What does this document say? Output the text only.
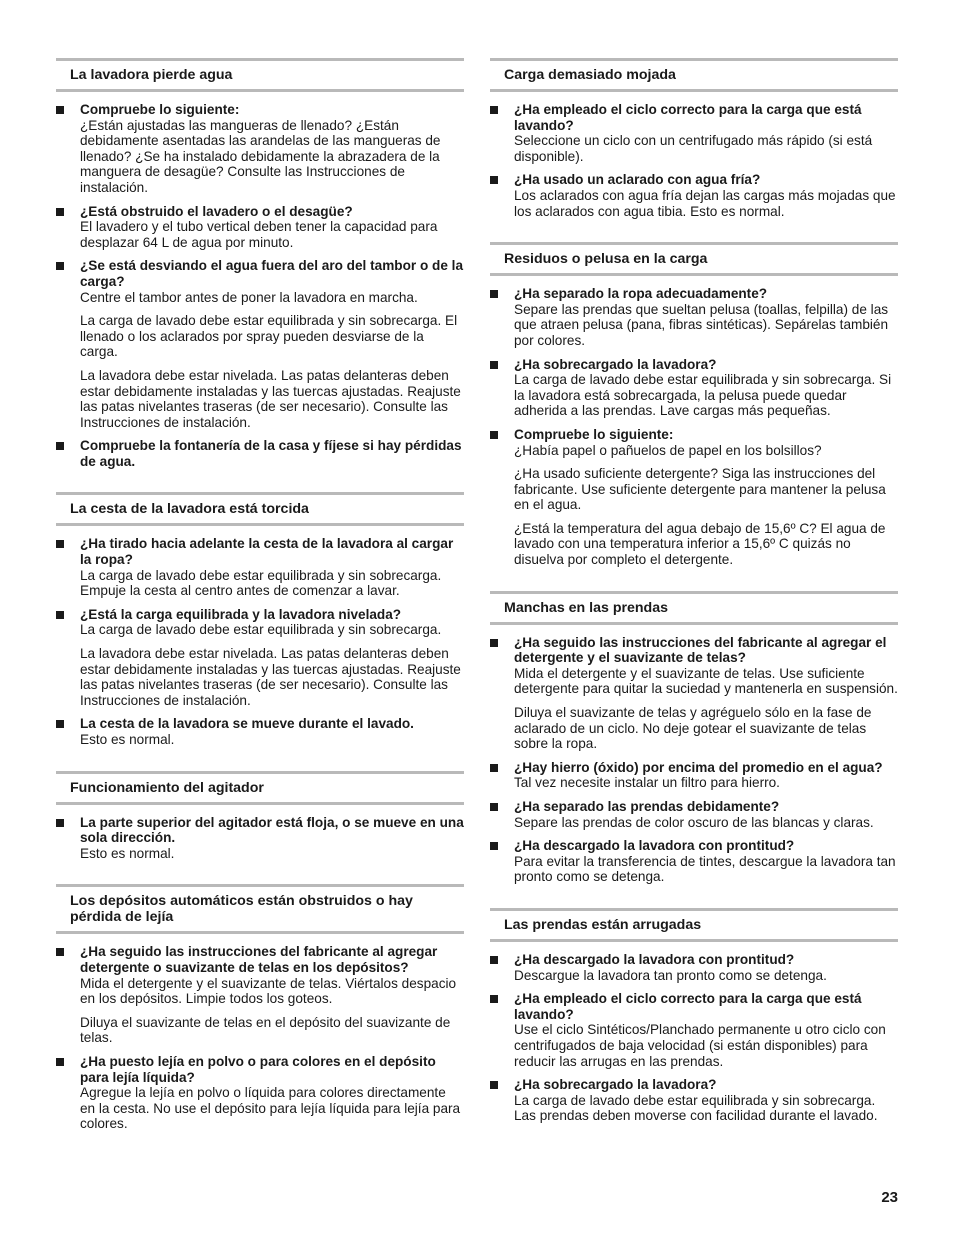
La lavadora pierde agua
Compruebe lo siguiente:
¿Están ajustadas las mangueras de llenado? ¿Están debidamente asentadas las arandelas de las mangueras de llenado? ¿Se ha instalado debidamente la abrazadera de la manguera de desagüe? Consulte las Instrucciones de instalación.
¿Está obstruido el lavadero o el desagüe?
El lavadero y el tubo vertical deben tener la capacidad para desplazar 64 L de agua por minuto.
¿Se está desviando el agua fuera del aro del tambor o de la carga?
Centre el tambor antes de poner la lavadora en marcha.
La carga de lavado debe estar equilibrada y sin sobrecarga. El llenado o los aclarados por spray pueden desviarse de la carga.
La lavadora debe estar nivelada. Las patas delanteras deben estar debidamente instaladas y las tuercas ajustadas. Reajuste las patas nivelantes traseras (de ser necesario). Consulte las Instrucciones de instalación.
Compruebe la fontanería de la casa y fíjese si hay pérdidas de agua.
La cesta de la lavadora está torcida
¿Ha tirado hacia adelante la cesta de la lavadora al cargar la ropa?
La carga de lavado debe estar equilibrada y sin sobrecarga. Empuje la cesta al centro antes de comenzar a lavar.
¿Está la carga equilibrada y la lavadora nivelada?
La carga de lavado debe estar equilibrada y sin sobrecarga.
La lavadora debe estar nivelada. Las patas delanteras deben estar debidamente instaladas y las tuercas ajustadas. Reajuste las patas nivelantes traseras (de ser necesario). Consulte las Instrucciones de instalación.
La cesta de la lavadora se mueve durante el lavado.
Esto es normal.
Funcionamiento del agitador
La parte superior del agitador está floja, o se mueve en una sola dirección.
Esto es normal.
Los depósitos automáticos están obstruidos o hay pérdida de lejía
¿Ha seguido las instrucciones del fabricante al agregar detergente o suavizante de telas en los depósitos?
Mida el detergente y el suavizante de telas. Viértalos despacio en los depósitos. Limpie todos los goteos.
Diluya el suavizante de telas en el depósito del suavizante de telas.
¿Ha puesto lejía en polvo o para colores en el depósito para lejía líquida?
Agregue la lejía en polvo o líquida para colores directamente en la cesta. No use el depósito para lejía líquida para lejía para colores.
Carga demasiado mojada
¿Ha empleado el ciclo correcto para la carga que está lavando?
Seleccione un ciclo con un centrifugado más rápido (si está disponible).
¿Ha usado un aclarado con agua fría?
Los aclarados con agua fría dejan las cargas más mojadas que los aclarados con agua tibia. Esto es normal.
Residuos o pelusa en la carga
¿Ha separado la ropa adecuadamente?
Separe las prendas que sueltan pelusa (toallas, felpilla) de las que atraen pelusa (pana, fibras sintéticas). Sepárelas también por colores.
¿Ha sobrecargado la lavadora?
La carga de lavado debe estar equilibrada y sin sobrecarga. Si la lavadora está sobrecargada, la pelusa puede quedar adherida a las prendas. Lave cargas más pequeñas.
Compruebe lo siguiente:
¿Había papel o pañuelos de papel en los bolsillos?
¿Ha usado suficiente detergente? Siga las instrucciones del fabricante. Use suficiente detergente para mantener la pelusa en el agua.
¿Está la temperatura del agua debajo de 15,6º C? El agua de lavado con una temperatura inferior a 15,6º C quizás no disuelva por completo el detergente.
Manchas en las prendas
¿Ha seguido las instrucciones del fabricante al agregar el detergente y el suavizante de telas?
Mida el detergente y el suavizante de telas. Use suficiente detergente para quitar la suciedad y mantenerla en suspensión.
Diluya el suavizante de telas y agréguelo sólo en la fase de aclarado de un ciclo. No deje gotear el suavizante de telas sobre la ropa.
¿Hay hierro (óxido) por encima del promedio en el agua?
Tal vez necesite instalar un filtro para hierro.
¿Ha separado las prendas debidamente?
Separe las prendas de color oscuro de las blancas y claras.
¿Ha descargado la lavadora con prontitud?
Para evitar la transferencia de tintes, descargue la lavadora tan pronto como se detenga.
Las prendas están arrugadas
¿Ha descargado la lavadora con prontitud?
Descargue la lavadora tan pronto como se detenga.
¿Ha empleado el ciclo correcto para la carga que está lavando?
Use el ciclo Sintéticos/Planchado permanente u otro ciclo con centrifugados de baja velocidad (si están disponibles) para reducir las arrugas en las prendas.
¿Ha sobrecargado la lavadora?
La carga de lavado debe estar equilibrada y sin sobrecarga. Las prendas deben moverse con facilidad durante el lavado.
23
